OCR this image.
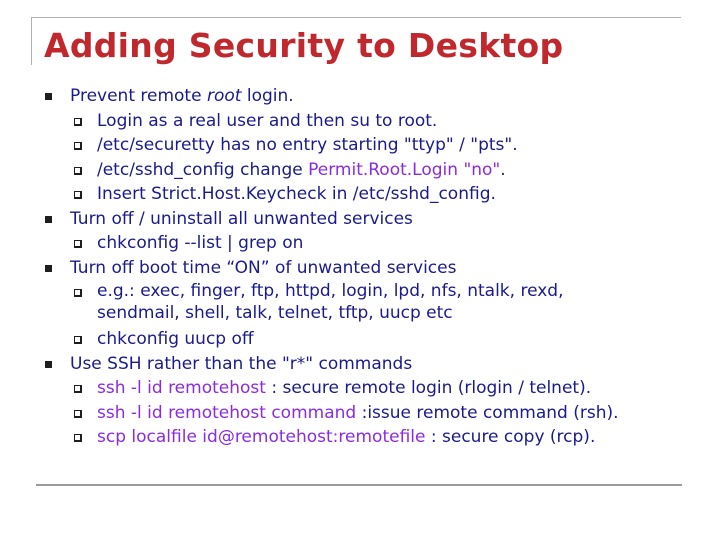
Adding Security to Desktop
Prevent remote root login.
Login as a real user and then su to root.
/etc/securetty has no entry starting "ttyp" / "pts".
/etc/sshd_config change Permit.Root.Login "no".
Insert Strict.Host.Keycheck in /etc/sshd_config.
Turn off / uninstall all unwanted services
chkconfig --list | grep on
Turn off boot time “ON” of unwanted services
e.g.: exec, finger, ftp, httpd, login, lpd, nfs, ntalk, rexd,
sendmail, shell, talk, telnet, tftp, uucp etc
chkconfig uucp off
Use SSH rather than the "r*" commands
ssh -l id remotehost : secure remote login (rlogin / telnet).
ssh -l id remotehost command :issue remote command (rsh).
scp localfile id@remotehost:remotefile : secure copy (rcp).
